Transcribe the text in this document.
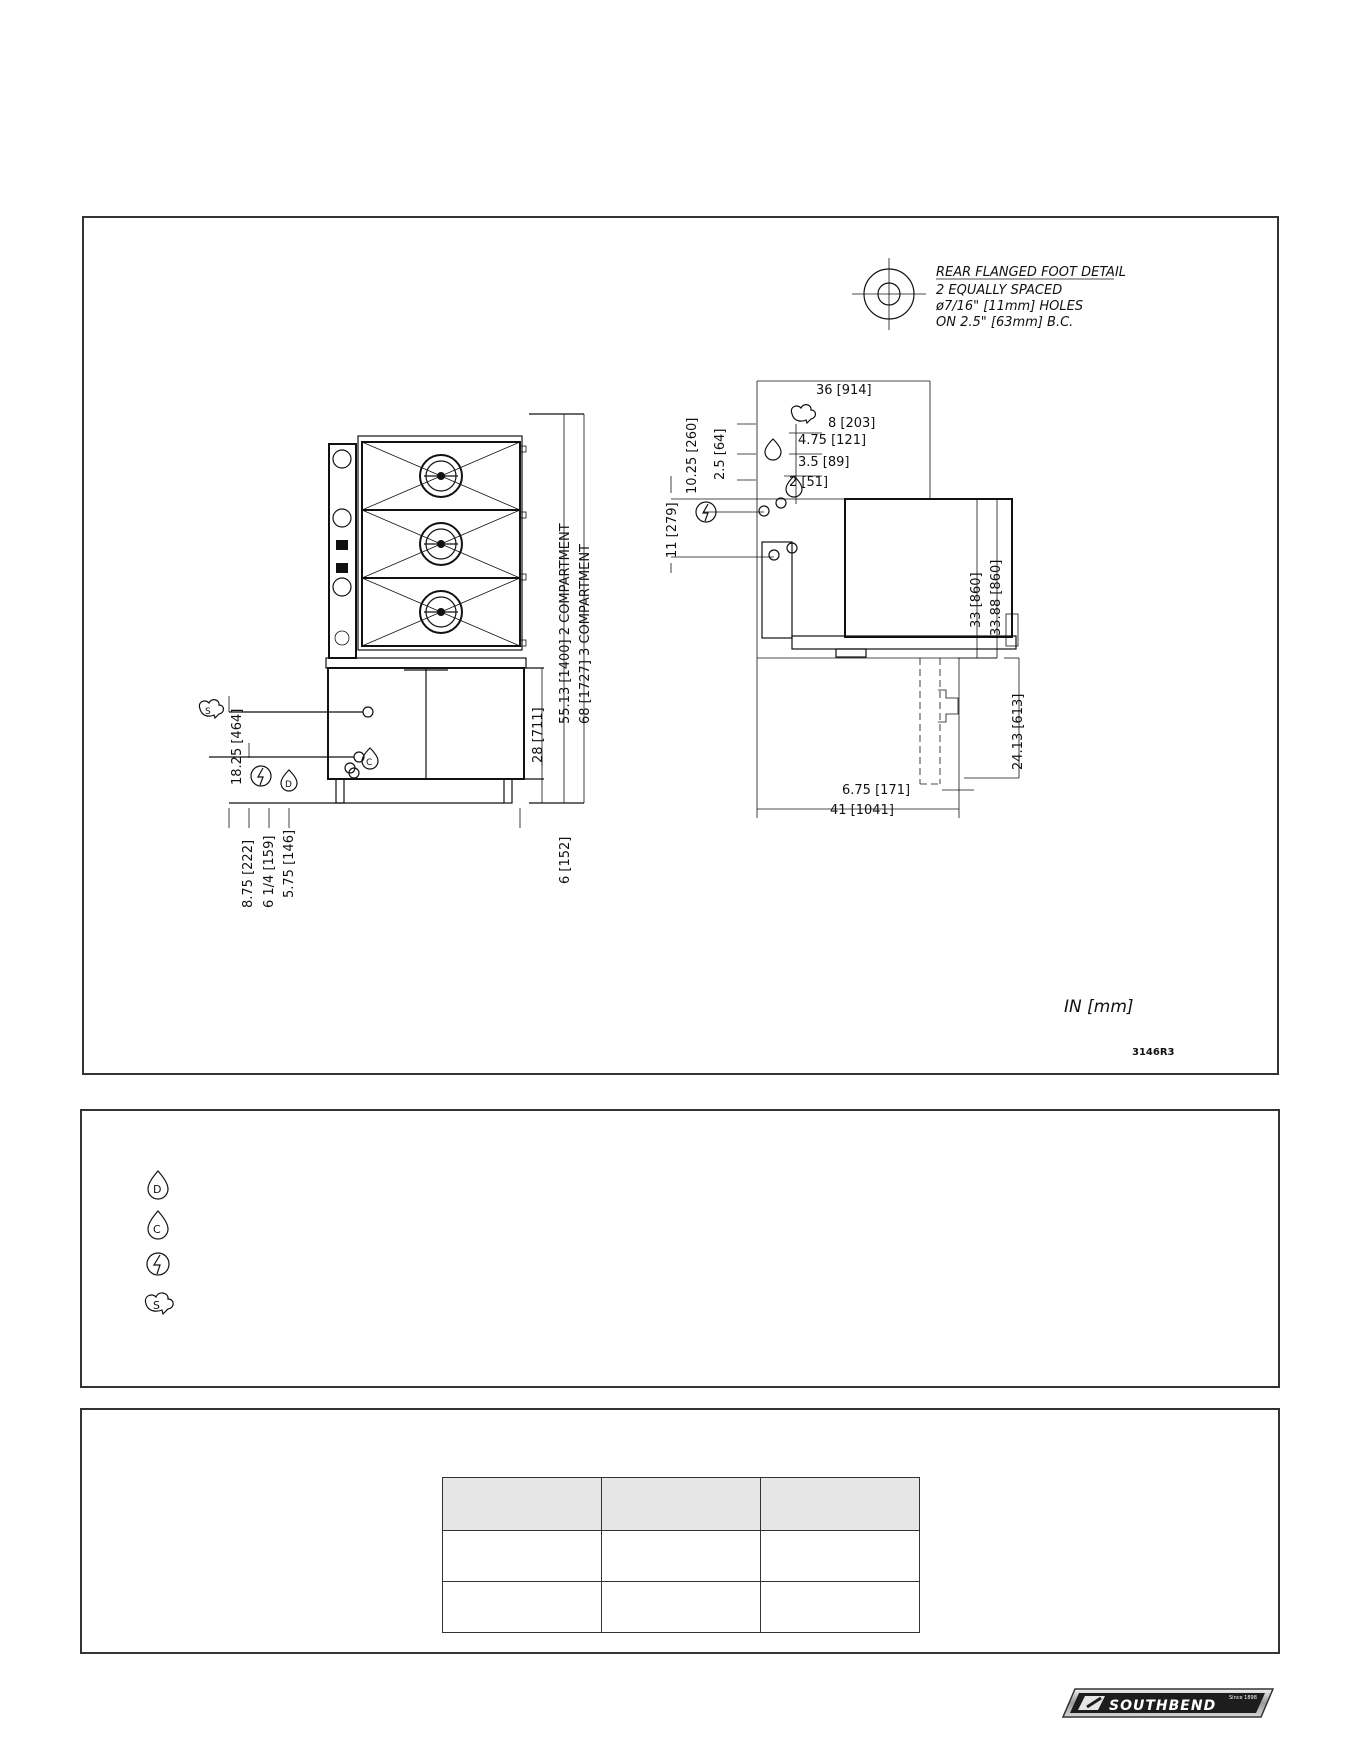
REAR FLANGED FOOT DETAIL
2 EQUALLY SPACED
ø7/16" [11mm] HOLES
ON 2.5" [63mm] B.C.
18.25 [464]
8.75 [222] 6 1/4 [159] 5.75 [146]	6 [152]
28 [711]
55.13 [1400] 2 COMPARTMENT 68 [1727] 3 COMPARTMENT
S
D
C
36 [914]
8 [203]
4.75 [121]
3.5 [89]
2 [51]
10.25 [260] 2.5 [64]
11 [279]
33 [860] 33.88 [860]
24.13 [613]
6.75 [171]
41 [1041]
IN [mm]
3146R3
D
C
S

SOUTHBEND	Since 1898
